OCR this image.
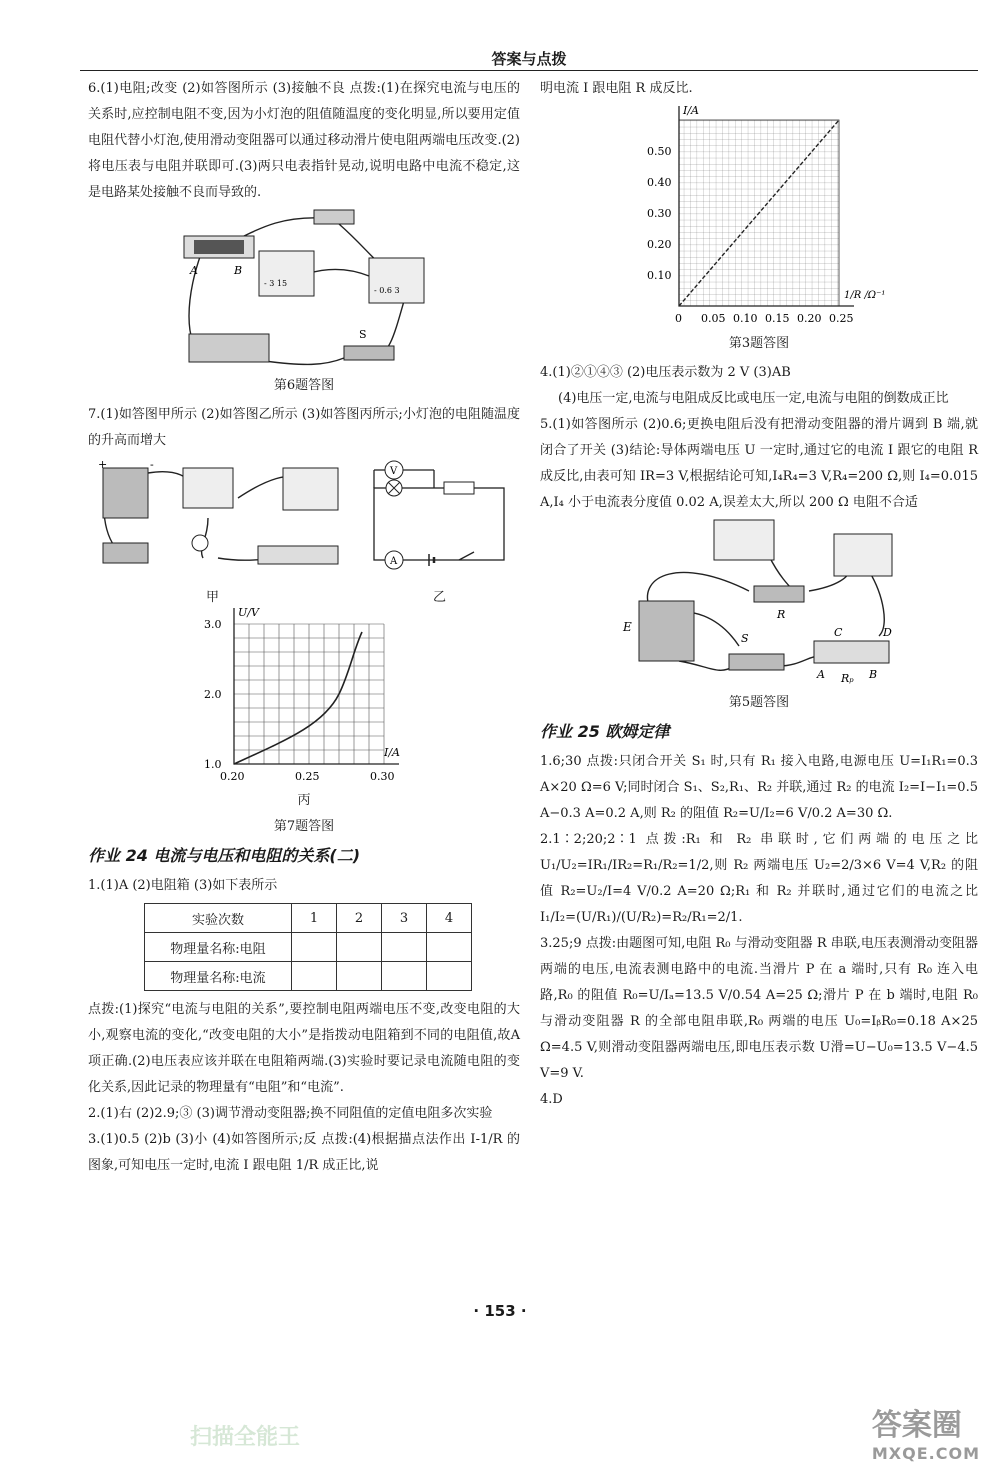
答案与点拨

6.(1)电阻;改变 (2)如答图所示 (3)接触不良 点拨:(1)在探究电流与电压的关系时,应控制电阻不变,因为小灯泡的阻值随温度的变化明显,所以要用定值电阻代替小灯泡,使用滑动变阻器可以通过移动滑片使电阻两端电压改变.(2)将电压表与电阻并联即可.(3)两只电表指针晃动,说明电路中电流不稳定,这是电路某处接触不良而导致的.

A	B
- 3 15
- 0.6 3
S
第6题答图

7.(1)如答图甲所示 (2)如答图乙所示 (3)如答图丙所示;小灯泡的电阻随温度的升高而增大

+	-
V
A
甲	乙
U/V
I/A
1.0
2.0
3.0
0.20	0.25	0.30
丙
第7题答图
作业 24 电流与电压和电阻的关系(二)

1.(1)A (2)电阻箱 (3)如下表所示

实验次数	1	2	3	4
物理量名称:电阻				
物理量名称:电流				

点拨:(1)探究“电流与电阻的关系”,要控制电阻两端电压不变,改变电阻的大小,观察电流的变化,“改变电阻的大小”是指拨动电阻箱到不同的电阻值,故A项正确.(2)电压表应该并联在电阻箱两端.(3)实验时要记录电流随电阻的变化关系,因此记录的物理量有“电阻”和“电流”.

2.(1)右 (2)2.9;③ (3)调节滑动变阻器;换不同阻值的定值电阻多次实验

3.(1)0.5 (2)b (3)小 (4)如答图所示;反 点拨:(4)根据描点法作出 I-1/R 的图象,可知电压一定时,电流 I 跟电阻 1/R 成正比,说

明电流 I 跟电阻 R 成反比.

I/A
1/R /Ω⁻¹
0.10
0.20
0.30
0.40
0.50
0 0.05 0.10 0.15 0.20 0.25
第3题答图

4.(1)②①④③ (2)电压表示数为 2 V (3)AB

(4)电压一定,电流与电阻成反比或电压一定,电流与电阻的倒数成正比

5.(1)如答图所示 (2)0.6;更换电阻后没有把滑动变阻器的滑片调到 B 端,就闭合了开关 (3)结论:导体两端电压 U 一定时,通过它的电流 I 跟它的电阻 R 成反比,由表可知 IR=3 V,根据结论可知,I₄R₄=3 V,R₄=200 Ω,则 I₄=0.015 A,I₄ 小于电流表分度值 0.02 A,误差太大,所以 200 Ω 电阻不合适

R
E
S	C	D
A Rₚ B
第5题答图
作业 25 欧姆定律

1.6;30 点拨:只闭合开关 S₁ 时,只有 R₁ 接入电路,电源电压 U=I₁R₁=0.3 A×20 Ω=6 V;同时闭合 S₁、S₂,R₁、R₂ 并联,通过 R₂ 的电流 I₂=I−I₁=0.5 A−0.3 A=0.2 A,则 R₂ 的阻值 R₂=U/I₂=6 V/0.2 A=30 Ω.

2.1∶2;20;2∶1 点拨:R₁ 和 R₂ 串联时,它们两端的电压之比 U₁/U₂=IR₁/IR₂=R₁/R₂=1/2,则 R₂ 两端电压 U₂=2/3×6 V=4 V,R₂ 的阻值 R₂=U₂/I=4 V/0.2 A=20 Ω;R₁ 和 R₂ 并联时,通过它们的电流之比 I₁/I₂=(U/R₁)/(U/R₂)=R₂/R₁=2/1.

3.25;9 点拨:由题图可知,电阻 R₀ 与滑动变阻器 R 串联,电压表测滑动变阻器两端的电压,电流表测电路中的电流.当滑片 P 在 a 端时,只有 R₀ 连入电路,R₀ 的阻值 R₀=U/Iₐ=13.5 V/0.54 A=25 Ω;滑片 P 在 b 端时,电阻 R₀ 与滑动变阻器 R 的全部电阻串联,R₀ 两端的电压 U₀=IᵦR₀=0.18 A×25 Ω=4.5 V,则滑动变阻器两端电压,即电压表示数 U滑=U−U₀=13.5 V−4.5 V=9 V.

4.D

· 153 ·
答案圈
MXQE.COM
扫描全能王
